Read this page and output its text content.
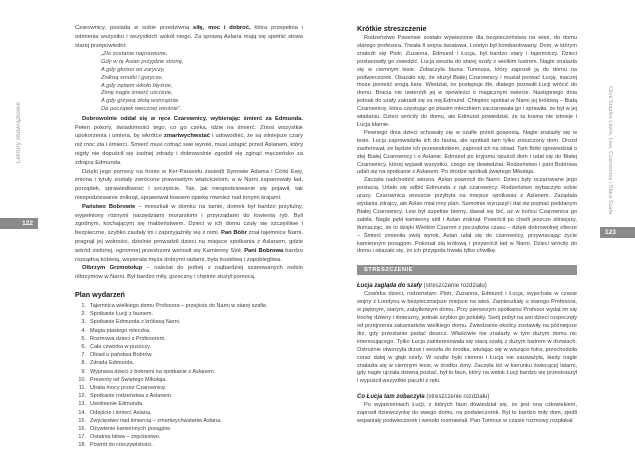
Lektury obowiązkowe
122
Clive Staples Lewis, Lew, Czarownica i Stara Szafa
123

Czarownicy, posiada w sobie przedziwną siłę, moc i dobroć, która przepełnia i odmienia wszystko i wszystkich wokół niego. Za sprawą Aslana mają się spełnić słowa starej przepowiedni:

„Zło zostanie naprawione,
Gdy w tę Aslan przyjdzie stronę,
A gdy głośno on zaryczy,
Znikną smutki i gorycze,
A gdy zębem wkoło błyśnie,
Zimę nagła śmierć uściśnie,
A gdy grzywą złotą wstrząśnie
Da początek wiecznej wiośnie”.

Dobrowolnie oddał się w ręce Czarownicy, wybierając śmierć za Edmunda. Pełen pokory, świadomości tego, co go czeka, idzie na śmierć. Znosi wszystkie upokorzenia i umiera, by wkrótce zmartwychwstać i udowodnić, że są silniejsze czary niż moc zła i śmierci. Śmierć musi cofnąć swe wyroki, musi ustąpić przed Aslanem, który nigdy nie dopuścił się żadnej zdrady i dobrowolnie zgodził się zginąć męczeńsko za zdrajcę Edmunda.

Dzięki jego pomocy na tronie w Ker-Paravelu zasiedli Synowie Adama i Córki Ewy, imiona i tytuły zostały zwrócone prawowitym właścicielom, a w Narni zapanowały ład, porządek, sprawiedliwość i szczęście. Tak, jak niespodziewanie się pojawił, tak niespodziewanie zniknął, sprawował bowiem opiekę również nad innymi krajami.

Państwo Bobrowie – mieszkali w domku na tamie, domek był bardzo przytulny, wypełniony różnymi narzędziami murarskimi i przyrządami do łowienia ryb. Byli zgodnym, kochającym się małżeństwem. Dzieci w ich domu czuły się szczęśliwe i bezpieczne, szybko zaufały im i zaprzyjaźniły się z nimi. Pan Bóbr znał tajemnice Narni, pragnął jej wolności, dzielnie prowadził dzieci na miejsce spotkania z Aslanem, gdzie wśród zielonej, ogromnej przestrzeni wznosił się Kamienny Stół. Pani Bobrowa bardzo rozsądną kobietą, wspierała męża dobrymi radami, była troskliwa i zapobiegliwa.

Olbrzym Grzmotołup – należał do jednej z najbardziej szanowanych rodzin olbrzymów w Narni. Był bardzo miły, grzeczny i chętnie służył pomocą.

Plan wydarzeń
Tajemnica wielkiego domu Profesora – przejście do Narni w starej szafie.
Spotkanie Łucji z faunem.
Spotkanie Edmunda z królową Narni.
Magia ptasiego mleczka.
Rozmowa dzieci z Profesorem.
Cała czwórka w puszczy.
Obiad u państwa Bobrów.
Zdrada Edmunda.
Wyprawa dzieci z bobrami na spotkanie z Aslanem.
Prezenty od Świętego Mikołaja.
Utrata mocy przez Czarownicę.
Spotkanie rodzeństwa z Aslanem.
Uwolnienie Edmunda.
Odejście i śmierć Aslana.
Zwycięstwo nad śmiercią – zmartwychwstanie Aslana.
Ożywienie kamiennych posągów.
Ostatnia bitwa – zwycięstwo.
Powrót do rzeczywistości.
Krótkie streszczenie

Rodzeństwo Pavensie zostało wywiezione dla bezpieczeństwa na wieś, do domu starego profesora. Trwała II wojna światowa, Londyn był bombardowany. Dom, w którym znaleźli się Piotr, Zuzanna, Edmund i Łucja, był bardzo stary i tajemniczy. Dzieci postanowiły go zwiedzić. Łucja weszła do starej szafy z wielkim lustrem. Nagle znalazła się w ciemnym lesie. Zobaczyła fauna Tumnusa, który zaprosił ją do domu na podwieczorek. Okazało się, że służył Białej Czarownicy i musiał porwać Łucję, inaczej może ponieść srogą karę. Wiedział, że postępuje źle, dlatego pozwolił Łucji wrócić do domu. Bracia nie uwierzyli jej w opowieści o magicznym świecie. Następnego dnia jednak do szafy zakradł się za nią Edmund. Chłopiec spotkał w Narni jej królową – Białą Czarownicę, która częstując go ptasim mleczkiem zaczarowała go i sprawiła, że był w jej władaniu. Dzieci wróciły do domu, ale Edmund powiedział, że ta kraina nie istnieje i Łucja kłamie.

Pewnego dnia dzieci schowały się w szafie przed gosposią. Nagle znalazły się w lesie. Łucja zaprowadziła ich do fauna, ale spotkali tam tylko zniszczony dom. Drozd zaoferował, że będzie ich przewodnikiem, zaprosił ich na obiad. Tam Bóbr opowiedział o złej Białej Czarownicy i o Aslanie. Edmund po kryjomu opuścił dom i udał się do Białej Czarownicy, której wyjawił wszystko, czego się dowiedział. Rodzeństwo i pani Bobrowa udali się na spotkanie z Aslanem. Po drodze spotkali świętego Mikołaja.

Zaczęła nadchodzić wiosna. Aslan powrócił do Narni. Dzieci były oczarowane jego postacią. Udało się odbić Edmunda z rąk czarownicy. Rodzeństwo wybaczyło sobie urazy. Czarownica wreszcie przybyła na miejsce spotkania z Aslanem. Zażądała wydania zdrajcy, ale Aslan miał inny plan. Samotnie wyruszył i dał się pojmać poddanym Białej Czarownicy. Lew był zupełnie bierny, dawał się bić, aż w końcu Czarownica go zabiła. Nagle pękł kamienny stół i Aslan zniknął. Powrócił po chwili jeszcze silniejszy, tłumacząc, że to dzięki Wielkim Czarom z początków czasu – dzięki dobrowolnej ofierze – Śmierć zmieniła swój wyrok. Aslan udał się do czarownicy, przywracając życie kamiennym posągom. Pokonał złą królową i przywrócił ład w Narni. Dzieci wróciły do domu i okazało się, że ich przygoda trwała tylko chwilkę.

STRESZCZENIE
Łucja zagląda do szafy (streszczenie rozdziału)

Czwórka dzieci, rodzeństwo: Piotr, Zuzanna, Edmund i Łucja, wyjechała w czasie wojny z Londynu w bezpieczniejsze miejsce na wieś. Zamieszkały u starego Profesora, w pięknym, starym, zabytkowym domu. Przy pierwszym spotkaniu Profesor wydał im się trochę dziwny i śmieszny, jednak szybko go polubiły. Swój pobyt na wsi dzieci rozpoczęły od przejrzenia zakamarków wielkiego domu. Zwiedzanie okolicy zostawiły na późniejsze dni, gdy przestanie padać deszcz. Właściwie nie znalazły w tym dużym domu nic interesującego. Tylko Łucja zainteresowała się starą szafą z dużym lustrem w drzwiach. Ostrożnie otworzyła drzwi i weszła do środka, wtulając się w wiszące futra, przechodziła coraz dalej w głąb szafy. W szafie było ciemno i Łucja nie zauważyła, kiedy nagle znalazła się w ciemnym lesie, w środku zimy. Zaczęła iść w kierunku świecącej latarni, gdy nagle ujrzała dziwną postać, był to faun, który na widok Łucji bardzo się przestraszył i wypuścił wszystkie paczki z ręki.

Co Łucja tam zobaczyła (streszczenie rozdziału)

Po wyjaśnieniach Łucji, z których faun dowiedział się, że jest ona człowiekiem, zaprosił dziewczynkę do swego domu, na podwieczorek. Był to bardzo miły dom, zjedli wspaniały podwieczorek i wesoło rozmawiali. Pan Tumnus w czasie rozmowy rozpłakał
